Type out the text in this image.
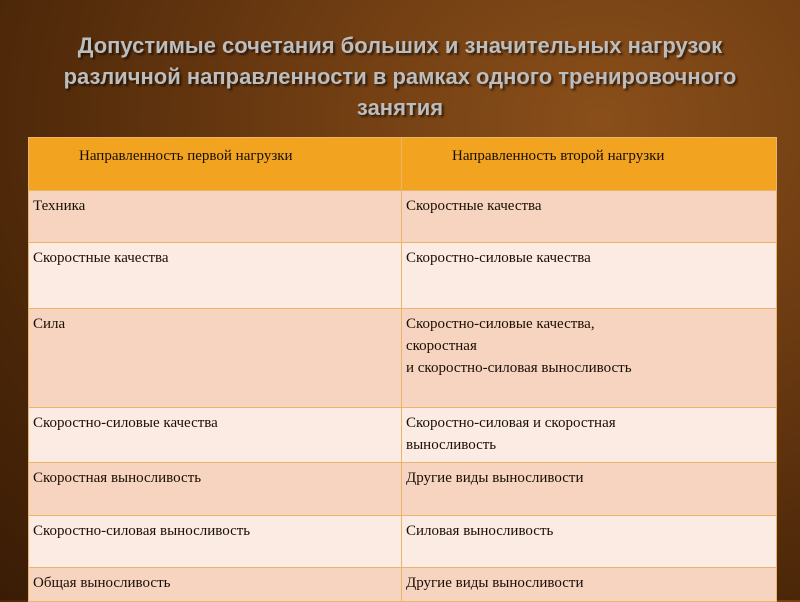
Допустимые сочетания больших и значительных нагрузок различной направленности в рамках одного тренировочного занятия
Направленность первой нагрузки	Направленность второй нагрузки
Техника	Скоростные качества
Скоростные качества	Скоростно-силовые качества
Сила	Скоростно-силовые качества,
скоростная
и скоростно-силовая выносливость
Скоростно-силовые качества	Скоростно-силовая и скоростная
выносливость
Скоростная выносливость	Другие виды выносливости
Скоростно-силовая выносливость	Силовая выносливость
Общая выносливость	Другие виды выносливости
